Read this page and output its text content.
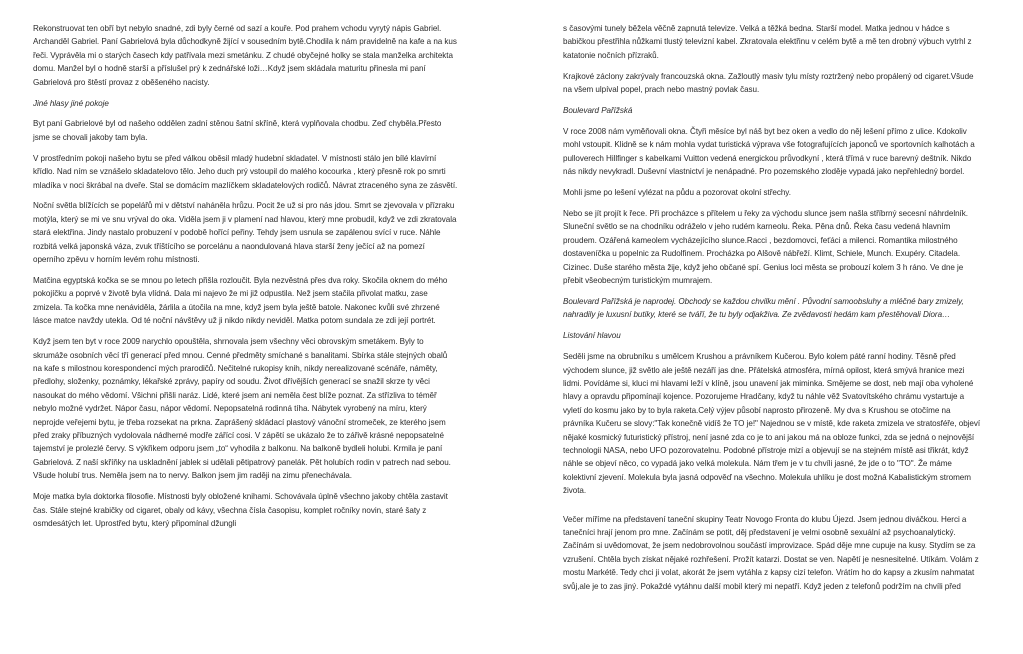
Rekonstruovat ten obří byt nebylo snadné, zdi byly černé od sazí a kouře. Pod prahem vchodu vyrytý nápis Gabriel. Archanděl Gabriel. Paní Gabrielová byla důchodkyně žijící v sousedním bytě.Chodila k nám pravidelně na kafe a na kus řeči. Vyprávěla mi o starých časech kdy patřívala mezi smetánku. Z chudé obyčejné holky se stala manželka architekta domu. Manžel byl o hodně starší a příslušel prý k zednářské loži…Když jsem skládala maturitu přinesla mi paní Gabrielová pro štěstí provaz z oběšeného nacisty.

Jiné hlasy jiné pokoje

Byt paní Gabrielové byl od našeho oddělen zadní stěnou šatní skříně, která vyplňovala chodbu. Zeď chyběla.Přesto jsme se chovali jakoby tam byla.

V prostředním pokoji našeho bytu se před válkou oběsil mladý hudební skladatel. V místnosti stálo jen bílé klavírní křídlo. Nad ním se vznášelo skladatelovo tělo. Jeho duch prý vstoupil do malého kocourka , který přesně rok po smrti mladíka v noci škrábal na dveře. Stal se domácím mazlíčkem skladatelových rodičů. Návrat ztraceného syna ze zásvětí.

Noční světla blížících se popelářů mi v dětství naháněla hrůzu. Pocit že už si pro nás jdou. Smrt se zjevovala v přízraku motýla, který se mi ve snu vrýval do oka. Viděla jsem ji v plamení nad hlavou, který mne probudil, když ve zdi zkratovala stará elektřina. Jindy nastalo probuzení v podobě hořící peřiny. Tehdy jsem usnula se zapálenou svící v ruce. Náhle rozbitá velká japonská váza, zvuk tříštícího se porcelánu a naondulovaná hlava starší ženy ječící až na pomezí operního zpěvu v horním levém rohu místnosti.

Matčina egyptská kočka se se mnou po letech přišla rozloučit. Byla nezvěstná přes dva roky. Skočila oknem do mého pokojíčku a poprvé v životě byla vlídná. Dala mi najevo že mi již odpustila. Než jsem stačila přivolat matku, zase zmizela. Ta kočka mne nenáviděla, žárlila a útočila na mne, když jsem byla ještě batole. Nakonec kvůli své zhrzené lásce matce navždy utekla. Od té noční návštěvy už ji nikdo nikdy neviděl. Matka potom sundala ze zdi její portrét.

Když jsem ten byt v roce 2009 narychlo opouštěla, shrnovala jsem všechny věci obrovským smetákem. Byly to skrumáže osobních věcí tří generací před mnou. Cenné předměty smíchané s banalitami. Sbírka stále stejných obalů na kafe s milostnou korespondencí mých prarodičů. Nečitelné rukopisy knih, nikdy nerealizované scénáře, náměty, předlohy, složenky, poznámky, lékařské zprávy, papíry od soudu. Život dřívějších generací se snažil skrze ty věci nasoukat do mého vědomí. Všichni přišli naráz. Lidé, které jsem ani neměla čest blíže poznat. Za střízliva to téměř nebylo možné vydržet. Nápor času, nápor vědomí. Nepopsatelná rodinná tíha. Nábytek vyrobený na míru, který neprojde veřejemi bytu, je třeba rozsekat na prkna. Zaprášený skládací plastový vánoční stromeček, ze kterého jsem před zraky příbuzných vydolovala nádherné modře zářící cosi. V zápětí se ukázalo že to zářivě krásné nepopsatelné tajemství je prolezlé červy. S výkřikem odporu jsem „to“ vyhodila z balkonu. Na balkoně bydleli holubi. Krmila je paní Gabrielová. Z naší skříňky na uskladnění jablek si udělali pětipatrový panelák. Pět holubích rodin v patrech nad sebou. Všude holubí trus. Neměla jsem na to nervy. Balkon jsem jim raději na zimu přenechávala.

Moje matka byla doktorka filosofie. Místnosti byly obložené knihami. Schovávala úplně všechno jakoby chtěla zastavit čas. Stále stejné krabičky od cigaret, obaly od kávy, všechna čísla časopisu, komplet ročníky novin, staré šaty z osmdesátých let. Uprostřed bytu, který připomínal džungli

s časovými tunely běžela věčně zapnutá televize. Velká a těžká bedna. Starší model. Matka jednou v hádce s babičkou přestřihla nůžkami tlustý televizní kabel. Zkratovala elektřinu v celém bytě a mě ten drobný výbuch vytrhl z katatonie nočních přízraků.

Krajkové záclony zakrývaly francouzská okna. Zažloutlý masiv tylu místy roztržený nebo propálený od cigaret.Všude na všem ulpíval popel, prach nebo mastný povlak času.

Boulevard Pařížská

V roce 2008 nám vyměňovali okna. Čtyři měsíce byl náš byt bez oken a vedlo do něj lešení přímo z ulice. Kdokoliv mohl vstoupit. Klidně se k nám mohla vydat turistická výprava vše fotografujících japonců ve sportovních kalhotách a pulloverech Hillfinger s kabelkami Vuitton vedená energickou průvodkyní , která třímá v ruce barevný deštník. Nikdo nás nikdy nevykradl. Duševní vlastnictví je nenápadné. Pro pozemského zloděje vypadá jako nepřehledný bordel.

Mohli jsme po lešení vylézat na půdu a pozorovat okolní střechy.

Nebo se jít projít k řece. Při procházce s přítelem u řeky za východu slunce jsem našla stříbrný secesní náhrdelník. Sluneční světlo se na chodníku odráželo v jeho rudém karneolu. Řeka. Pěna dnů. Řeka času vedená hlavním proudem. Ozářená kameolem vycházejícího slunce.Racci , bezdomovci, feťáci a milenci. Romantika milostného dostaveníčka u popelnic za Rudolfinem. Procházka po Alšově nábřeží. Klimt, Schiele, Munch. Exupéry. Citadela. Cizinec. Duše starého města žije, když jeho občané spí. Genius loci města se probouzí kolem 3 h ráno. Ve dne je přebit všeobecným turistickým mumrajem.

Boulevard Pařížská je naprodej. Obchody se každou chvilku mění . Původní samoobsluhy a mléčné bary zmizely, nahradily je luxusní butiky, které se tváří, že tu byly odjakživa. Ze zvědavosti hedám kam přestěhovali Diora…

Listování hlavou

Seděli jsme na obrubníku s umělcem Krushou a právníkem Kučerou. Bylo kolem páté ranní hodiny. Těsně před východem slunce, již světlo ale ještě nezáří jas dne. Přátelská atmosféra, mírná opilost, která smývá hranice mezi lidmi. Povídáme si, kluci mi hlavami leží v klíně, jsou unavení jak miminka. Smějeme se dost, neb mají oba vyholené hlavy a opravdu připomínají kojence. Pozorujeme Hradčany, když tu náhle věž Svatovítského chrámu vystartuje a vyletí do kosmu jako by to byla raketa.Celý výjev působí naprosto přirozeně. My dva s Krushou se otočíme na právníka Kučeru se slovy:"Tak konečně vidíš že TO je!" Najednou se v místě, kde raketa zmizela ve stratosféře, objeví nějaké kosmický futuristický přístroj, není jasné zda co je to ani jakou má na obloze funkci, zda se jedná o nejnovější technologii NASA, nebo UFO pozorovatelnu. Podobné přístroje mizí a objevují se na stejném místě asi třikrát, když náhle se objeví něco, co vypadá jako velká molekula. Nám třem je v tu chvíli jasné, že jde o to "TO". Že máme kolektivní zjevení. Molekula byla jasná odpověď na všechno. Molekula uhlíku je dost možná Kabalistickým stromem života.

Večer míříme na představení taneční skupiny Teatr Novogo Fronta do klubu Újezd. Jsem jednou diváčkou. Herci a tanečníci hrají jenom pro mne. Začínám se potit, děj představení je velmi osobně sexuální až psychoanalytický. Začínám si uvědomovat, že jsem nedobrovolnou součástí improvizace. Spád děje mne cupuje na kusy. Stydím se za vzrušení. Chtěla bych získat nějaké rozhřešení. Prožít katarzi. Dostat se ven. Napětí je nesnesitelné. Utíkám. Volám z mostu Markétě. Tedy chci ji volat, akorát že jsem vytáhla z kapsy cizí telefon. Vrátím ho do kapsy a zkusím nahmatat svůj,ale je to zas jiný. Pokaždé vytáhnu další mobil který mi nepatří. Když jeden z telefonů podržím na chvíli před
